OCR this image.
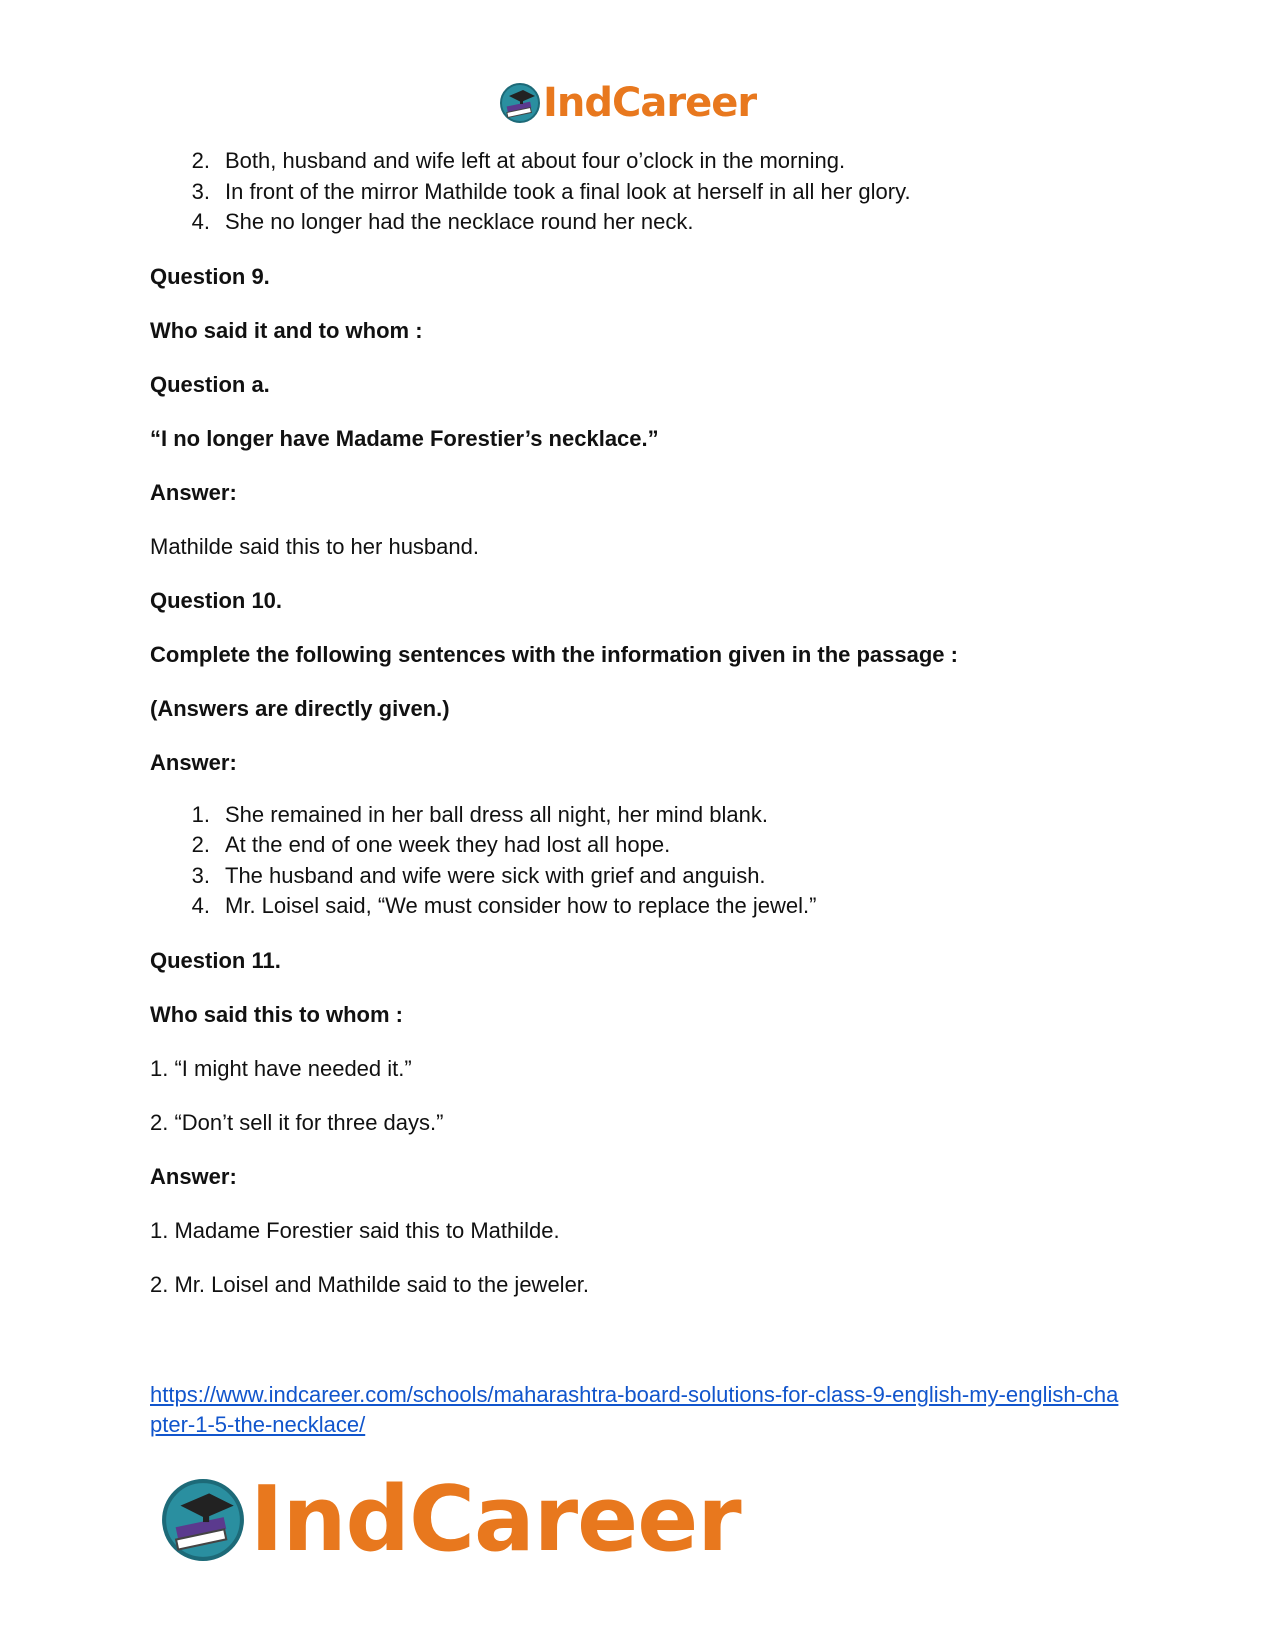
IndCareer
2. Both, husband and wife left at about four o’clock in the morning.
3. In front of the mirror Mathilde took a final look at herself in all her glory.
4. She no longer had the necklace round her neck.

Question 9.

Who said it and to whom :

Question a.

“I no longer have Madame Forestier’s necklace.”

Answer:

Mathilde said this to her husband.

Question 10.

Complete the following sentences with the information given in the passage :

(Answers are directly given.)

Answer:

1. She remained in her ball dress all night, her mind blank.
2. At the end of one week they had lost all hope.
3. The husband and wife were sick with grief and anguish.
4. Mr. Loisel said, “We must consider how to replace the jewel.”

Question 11.

Who said this to whom :

1. “I might have needed it.”

2. “Don’t sell it for three days.”

Answer:

1. Madame Forestier said this to Mathilde.

2. Mr. Loisel and Mathilde said to the jeweler.

https://www.indcareer.com/schools/maharashtra-board-solutions-for-class-9-english-my-english-chapter-1-5-the-necklace/
IndCareer
